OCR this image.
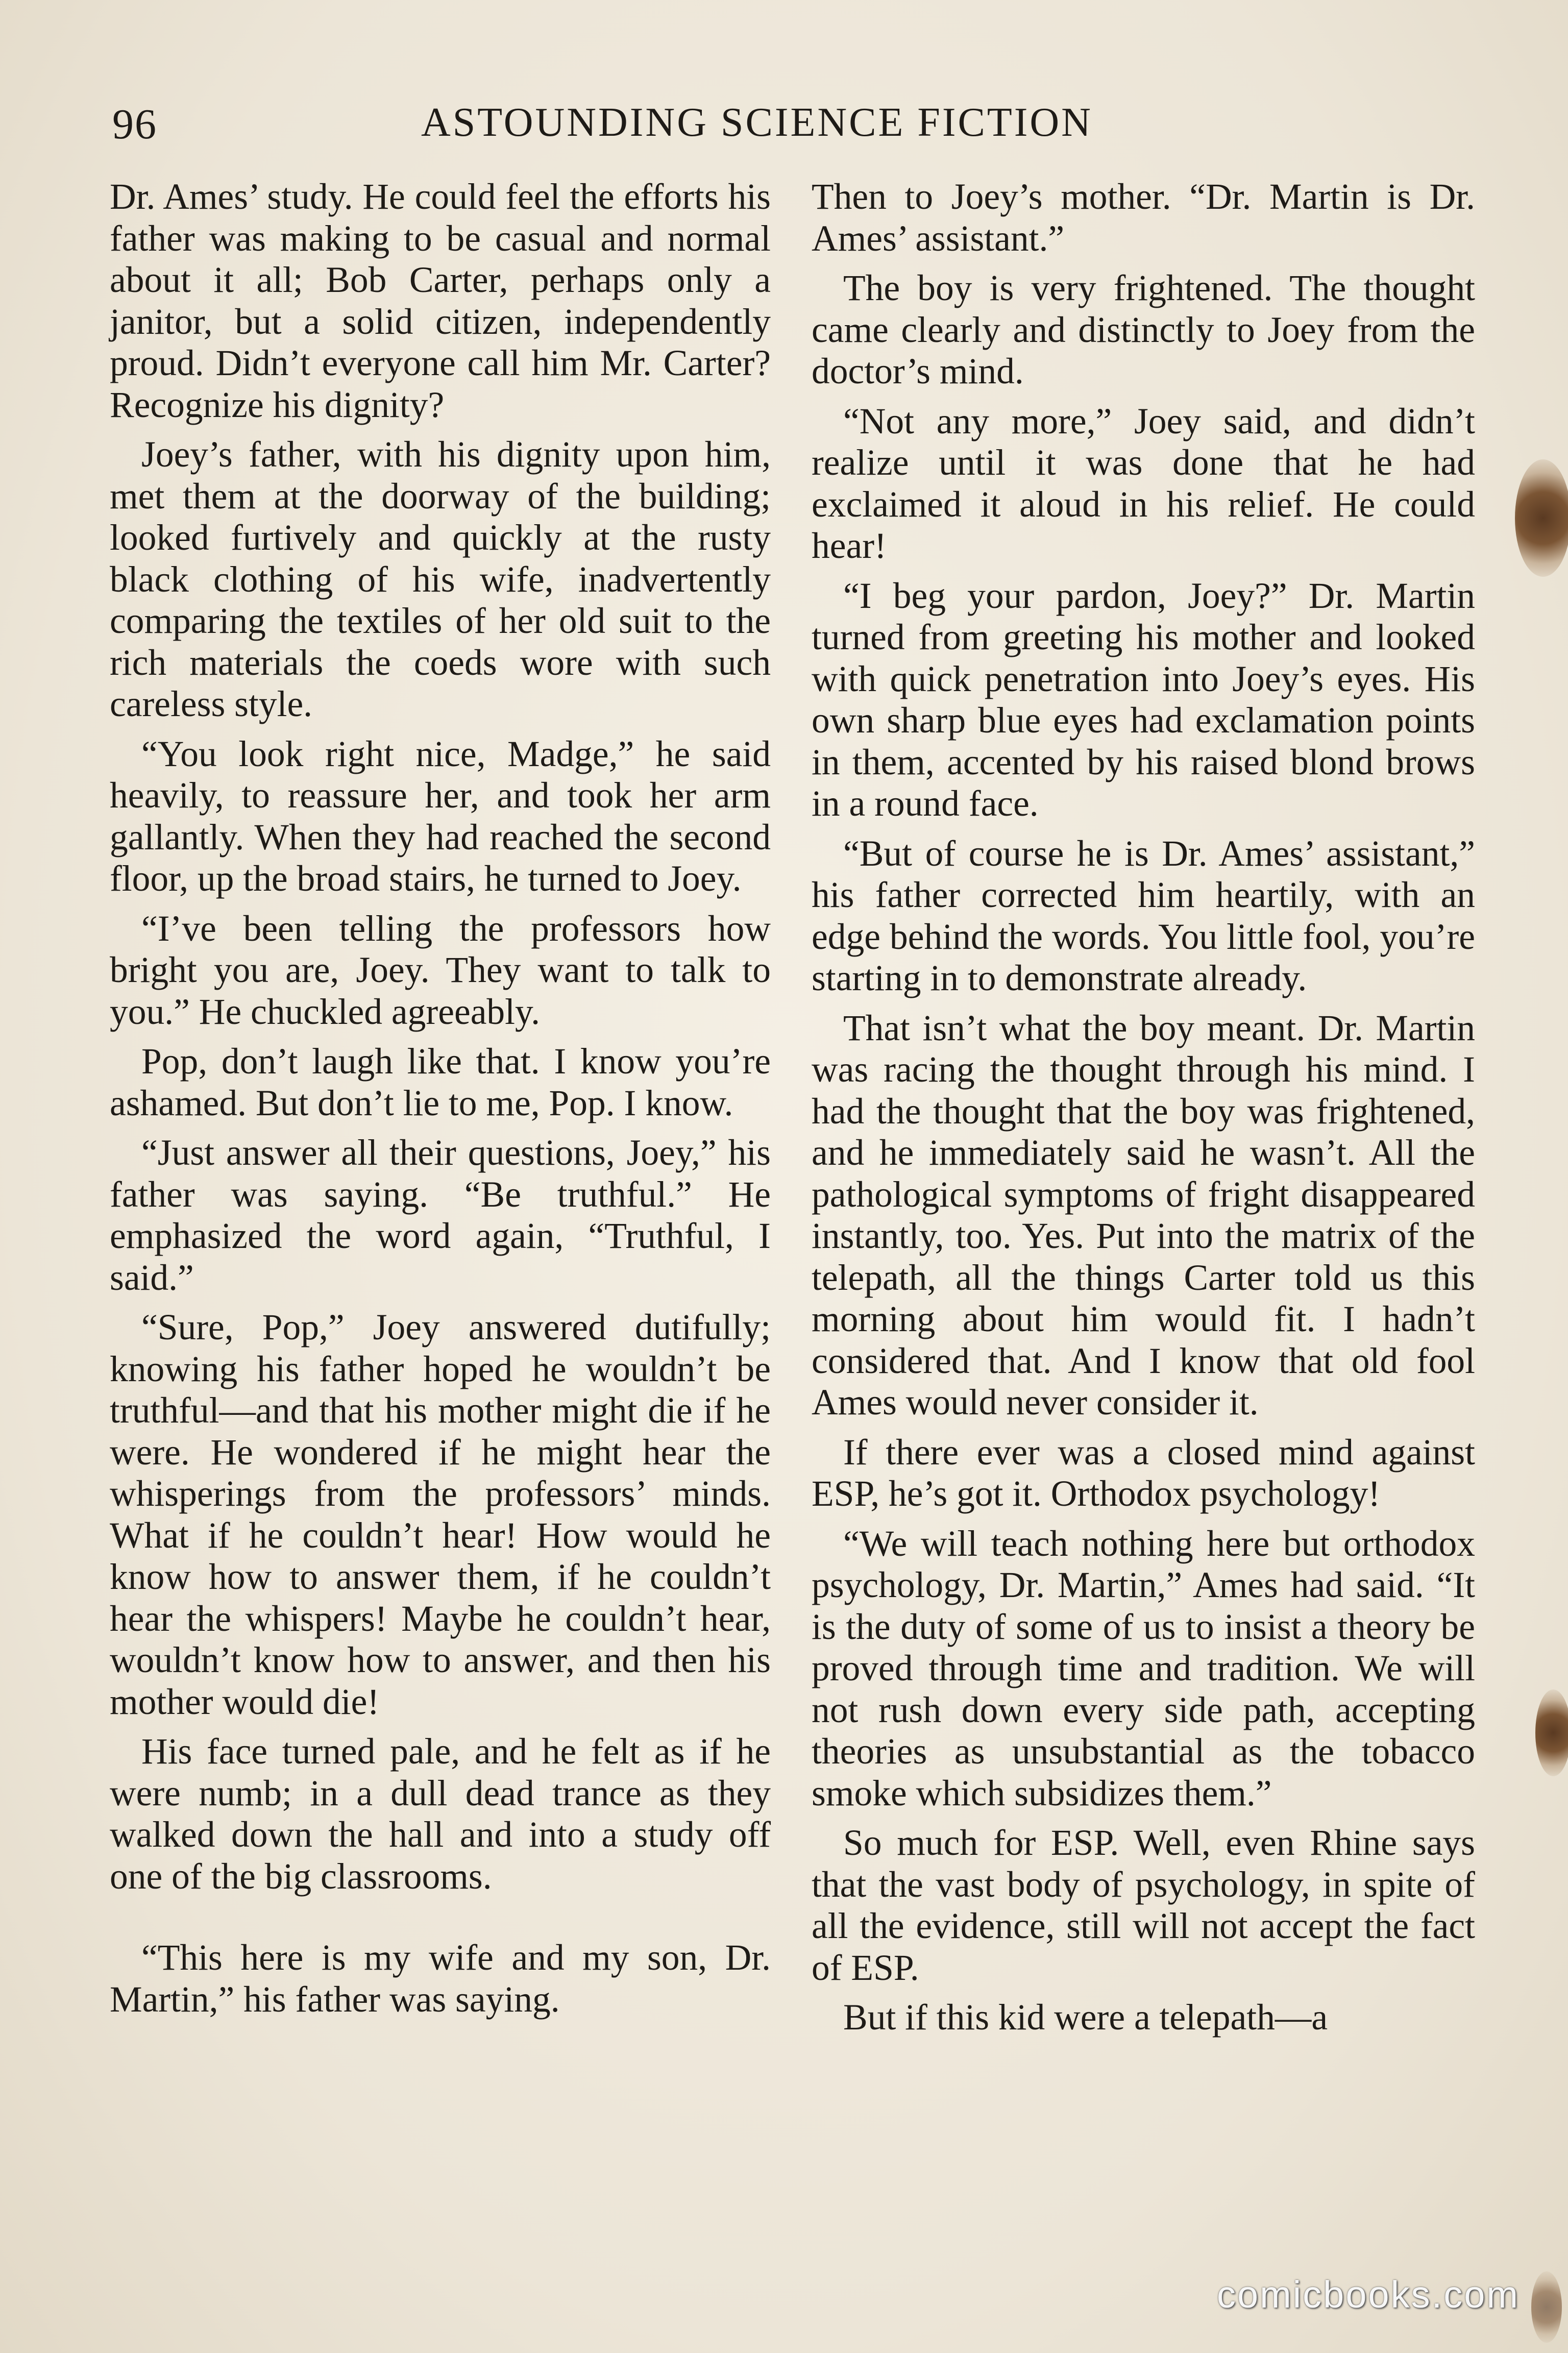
96	ASTOUNDING SCIENCE FICTION

Dr. Ames’ study. He could feel the efforts his father was making to be casual and normal about it all; Bob Carter, perhaps only a janitor, but a solid citizen, independently proud. Didn’t everyone call him Mr. Carter? Recognize his dignity?

Joey’s father, with his dignity upon him, met them at the doorway of the building; looked furtively and quickly at the rusty black clothing of his wife, inadvertently comparing the textiles of her old suit to the rich materials the coeds wore with such careless style.

“You look right nice, Madge,” he said heavily, to reassure her, and took her arm gallantly. When they had reached the second floor, up the broad stairs, he turned to Joey.

“I’ve been telling the professors how bright you are, Joey. They want to talk to you.” He chuckled agreeably.

Pop, don’t laugh like that. I know you’re ashamed. But don’t lie to me, Pop. I know.

“Just answer all their questions, Joey,” his father was saying. “Be truthful.” He emphasized the word again, “Truthful, I said.”

“Sure, Pop,” Joey answered dutifully; knowing his father hoped he wouldn’t be truthful—and that his mother might die if he were. He wondered if he might hear the whisperings from the professors’ minds. What if he couldn’t hear! How would he know how to answer them, if he couldn’t hear the whispers! Maybe he couldn’t hear, wouldn’t know how to answer, and then his mother would die!

His face turned pale, and he felt as if he were numb; in a dull dead trance as they walked down the hall and into a study off one of the big classrooms.

“This here is my wife and my son, Dr. Martin,” his father was saying.

Then to Joey’s mother. “Dr. Martin is Dr. Ames’ assistant.”

The boy is very frightened. The thought came clearly and distinctly to Joey from the doctor’s mind.

“Not any more,” Joey said, and didn’t realize until it was done that he had exclaimed it aloud in his relief. He could hear!

“I beg your pardon, Joey?” Dr. Martin turned from greeting his mother and looked with quick penetration into Joey’s eyes. His own sharp blue eyes had exclamation points in them, accented by his raised blond brows in a round face.

“But of course he is Dr. Ames’ assistant,” his father corrected him heartily, with an edge behind the words. You little fool, you’re starting in to demonstrate already.

That isn’t what the boy meant. Dr. Martin was racing the thought through his mind. I had the thought that the boy was frightened, and he immediately said he wasn’t. All the pathological symptoms of fright disappeared instantly, too. Yes. Put into the matrix of the telepath, all the things Carter told us this morning about him would fit. I hadn’t considered that. And I know that old fool Ames would never consider it.

If there ever was a closed mind against ESP, he’s got it. Orthodox psychology!

“We will teach nothing here but orthodox psychology, Dr. Martin,” Ames had said. “It is the duty of some of us to insist a theory be proved through time and tradition. We will not rush down every side path, accepting theories as unsubstantial as the tobacco smoke which subsidizes them.”

So much for ESP. Well, even Rhine says that the vast body of psychology, in spite of all the evidence, still will not accept the fact of ESP.

But if this kid were a telepath—a

comicbooks.com
